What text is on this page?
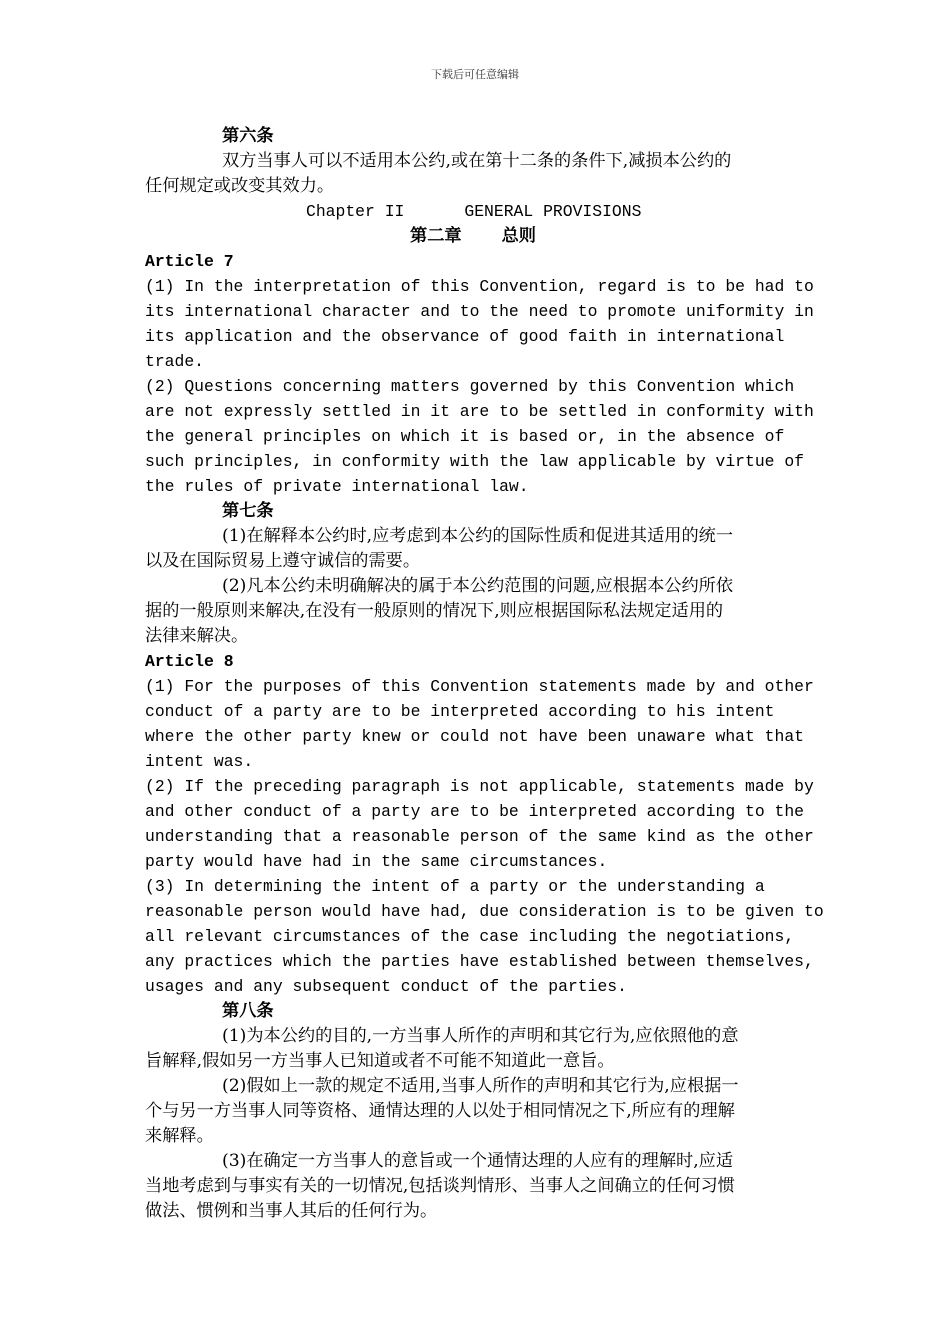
下载后可任意编辑
第六条
双方当事人可以不适用本公约,或在第十二条的条件下,减损本公约的
任何规定或改变其效力。
Chapter II	GENERAL PROVISIONS
第二章 总则
Article 7
(1) In the interpretation of this Convention, regard is to be had to
its international character and to the need to promote uniformity in
its application and the observance of good faith in international
trade.
(2) Questions concerning matters governed by this Convention which
are not expressly settled in it are to be settled in conformity with
the general principles on which it is based or, in the absence of
such principles, in conformity with the law applicable by virtue of
the rules of private international law.
第七条
(1)在解释本公约时,应考虑到本公约的国际性质和促进其适用的统一
以及在国际贸易上遵守诚信的需要。
(2)凡本公约未明确解决的属于本公约范围的问题,应根据本公约所依
据的一般原则来解决,在没有一般原则的情况下,则应根据国际私法规定适用的
法律来解决。
Article 8
(1) For the purposes of this Convention statements made by and other
conduct of a party are to be interpreted according to his intent
where the other party knew or could not have been unaware what that
intent was.
(2) If the preceding paragraph is not applicable, statements made by
and other conduct of a party are to be interpreted according to the
understanding that a reasonable person of the same kind as the other
party would have had in the same circumstances.
(3) In determining the intent of a party or the understanding a
reasonable person would have had, due consideration is to be given to
all relevant circumstances of the case including the negotiations,
any practices which the parties have established between themselves,
usages and any subsequent conduct of the parties.
第八条
(1)为本公约的目的,一方当事人所作的声明和其它行为,应依照他的意
旨解释,假如另一方当事人已知道或者不可能不知道此一意旨。
(2)假如上一款的规定不适用,当事人所作的声明和其它行为,应根据一
个与另一方当事人同等资格、通情达理的人以处于相同情况之下,所应有的理解
来解释。
(3)在确定一方当事人的意旨或一个通情达理的人应有的理解时,应适
当地考虑到与事实有关的一切情况,包括谈判情形、当事人之间确立的任何习惯
做法、惯例和当事人其后的任何行为。
